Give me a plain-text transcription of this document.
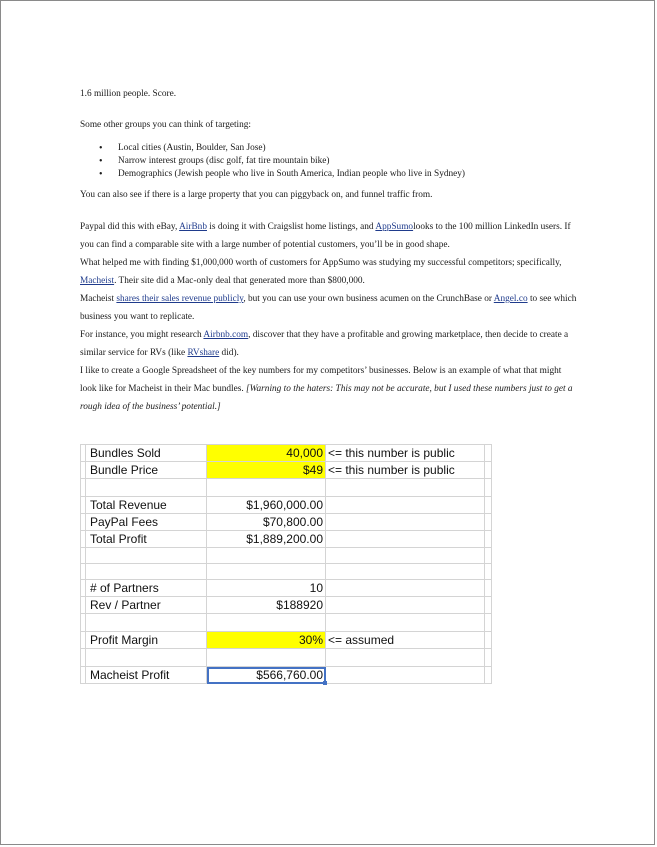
1.6 million people. Score.

Some other groups you can think of targeting:

• Local cities (Austin, Boulder, San Jose)
• Narrow interest groups (disc golf, fat tire mountain bike)
• Demographics (Jewish people who live in South America, Indian people who live in Sydney)

You can also see if there is a large property that you can piggyback on, and funnel traffic from.

Paypal did this with eBay, AirBnb is doing it with Craigslist home listings, and AppSumolooks to the 100 million LinkedIn users. If you can find a comparable site with a large number of potential customers, you’ll be in good shape.

What helped me with finding $1,000,000 worth of customers for AppSumo was studying my successful competitors; specifically, Macheist. Their site did a Mac-only deal that generated more than $800,000.

Macheist shares their sales revenue publicly, but you can use your own business acumen on the CrunchBase or Angel.co to see which business you want to replicate.

For instance, you might research Airbnb.com, discover that they have a profitable and growing marketplace, then decide to create a similar service for RVs (like RVshare did).

I like to create a Google Spreadsheet of the key numbers for my competitors’ businesses. Below is an example of what that might look like for Macheist in their Mac bundles. [Warning to the haters: This may not be accurate, but I used these numbers just to get a rough idea of the business’ potential.]

	Bundles Sold	40,000	<= this number is public	
	Bundle Price	$49	<= this number is public	

	Total Revenue	$1,960,000.00		
	PayPal Fees	$70,800.00		
	Total Profit	$1,889,200.00		

	# of Partners	10		
	Rev / Partner	$188920		

	Profit Margin	30%	<= assumed	

	Macheist Profit	$566,760.00		
